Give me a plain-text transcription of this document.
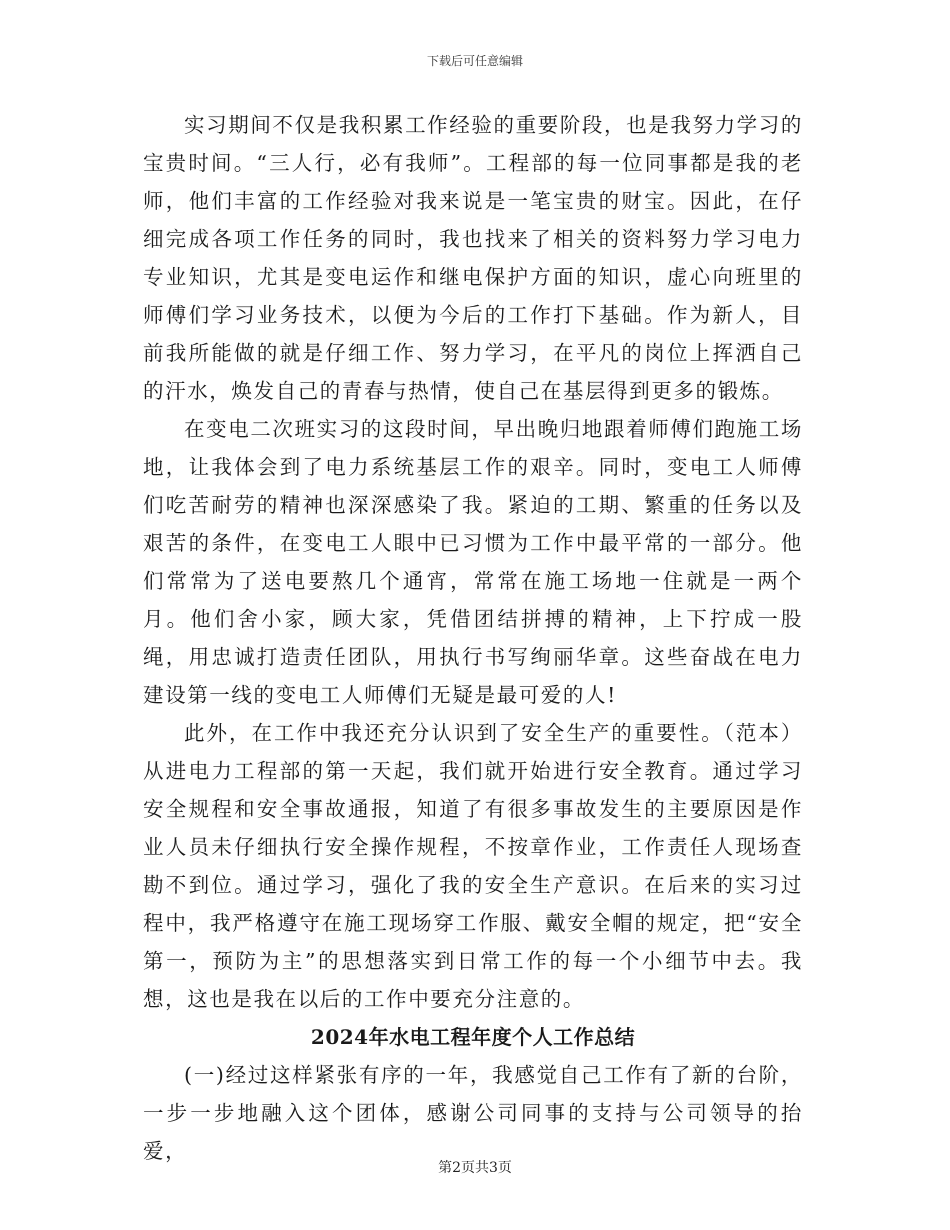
下载后可任意编辑

实习期间不仅是我积累工作经验的重要阶段，也是我努力学习的宝贵时间。“三人行，必有我师”。工程部的每一位同事都是我的老师，他们丰富的工作经验对我来说是一笔宝贵的财宝。因此，在仔细完成各项工作任务的同时，我也找来了相关的资料努力学习电力专业知识，尤其是变电运作和继电保护方面的知识，虚心向班里的师傅们学习业务技术，以便为今后的工作打下基础。作为新人，目前我所能做的就是仔细工作、努力学习，在平凡的岗位上挥洒自己的汗水，焕发自己的青春与热情，使自己在基层得到更多的锻炼。

在变电二次班实习的这段时间，早出晚归地跟着师傅们跑施工场地，让我体会到了电力系统基层工作的艰辛。同时，变电工人师傅们吃苦耐劳的精神也深深感染了我。紧迫的工期、繁重的任务以及艰苦的条件，在变电工人眼中已习惯为工作中最平常的一部分。他们常常为了送电要熬几个通宵，常常在施工场地一住就是一两个月。他们舍小家，顾大家，凭借团结拼搏的精神，上下拧成一股绳，用忠诚打造责任团队，用执行书写绚丽华章。这些奋战在电力建设第一线的变电工人师傅们无疑是最可爱的人!

此外，在工作中我还充分认识到了安全生产的重要性。（范本）从进电力工程部的第一天起，我们就开始进行安全教育。通过学习安全规程和安全事故通报，知道了有很多事故发生的主要原因是作业人员未仔细执行安全操作规程，不按章作业，工作责任人现场查勘不到位。通过学习，强化了我的安全生产意识。在后来的实习过程中，我严格遵守在施工现场穿工作服、戴安全帽的规定，把“安全第一，预防为主”的思想落实到日常工作的每一个小细节中去。我想，这也是我在以后的工作中要充分注意的。

2024年水电工程年度个人工作总结

(一)经过这样紧张有序的一年，我感觉自己工作有了新的台阶，一步一步地融入这个团体，感谢公司同事的支持与公司领导的抬爱，

第2页共3页
